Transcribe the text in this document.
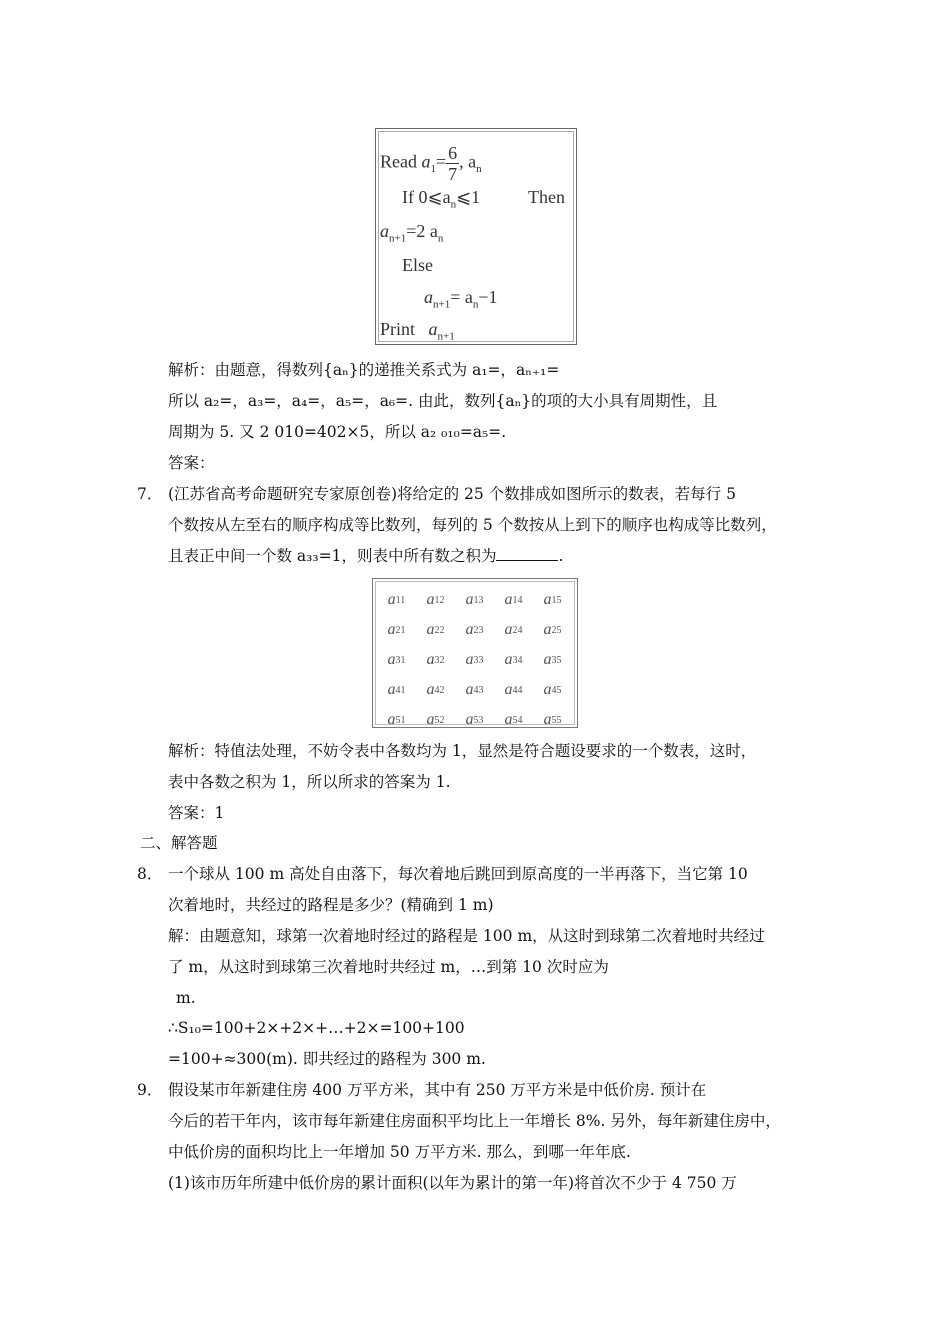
Read $a_1= \frac{6}{7}$ , $a_n$
If $0⩽a_n⩽1$	Then
$a_{n+1}=2$ $a_n$
Else
$a_{n+1}= a_n-1$
Print $a_{n+1}$
解析：由题意，得数列{aₙ}的递推关系式为 a₁=，aₙ₊₁=
所以 a₂=，a₃=，a₄=，a₅=，a₆=. 由此，数列{aₙ}的项的大小具有周期性，且
周期为 5. 又 2 010=402×5，所以 a₂ ₀₁₀=a₅=.
答案：
7． (江苏省高考命题研究专家原创卷)将给定的 25 个数排成如图所示的数表，若每行 5
个数按从左至右的顺序构成等比数列，每列的 5 个数按从上到下的顺序也构成等比数列，
且表正中间一个数 a₃₃=1，则表中所有数之积为	.
a 11 a 12 a 13 a 14 a 15
a 21 a 22 a 23 a 24 a 25
a 31 a 32 a 33 a 34 a 35
a 41 a 42 a 43 a 44 a 45
a 51 a 52 a 53 a 54 a 55
解析：特值法处理，不妨令表中各数均为 1，显然是符合题设要求的一个数表，这时，
表中各数之积为 1，所以所求的答案为 1.
答案：1
二、解答题
8． 一个球从 100 m 高处自由落下，每次着地后跳回到原高度的一半再落下，当它第 10
次着地时，共经过的路程是多少？(精确到 1 m)
解：由题意知，球第一次着地时经过的路程是 100 m，从这时到球第二次着地时共经过
了 m，从这时到球第三次着地时共经过 m，…到第 10 次时应为
m.
∴S₁₀=100+2×+2×+…+2×=100+100
=100+≈300(m). 即共经过的路程为 300 m.
9． 假设某市年新建住房 400 万平方米，其中有 250 万平方米是中低价房. 预计在
今后的若干年内，该市每年新建住房面积平均比上一年增长 8%. 另外，每年新建住房中，
中低价房的面积均比上一年增加 50 万平方米. 那么，到哪一年年底.
(1)该市历年所建中低价房的累计面积(以年为累计的第一年)将首次不少于 4 750 万
